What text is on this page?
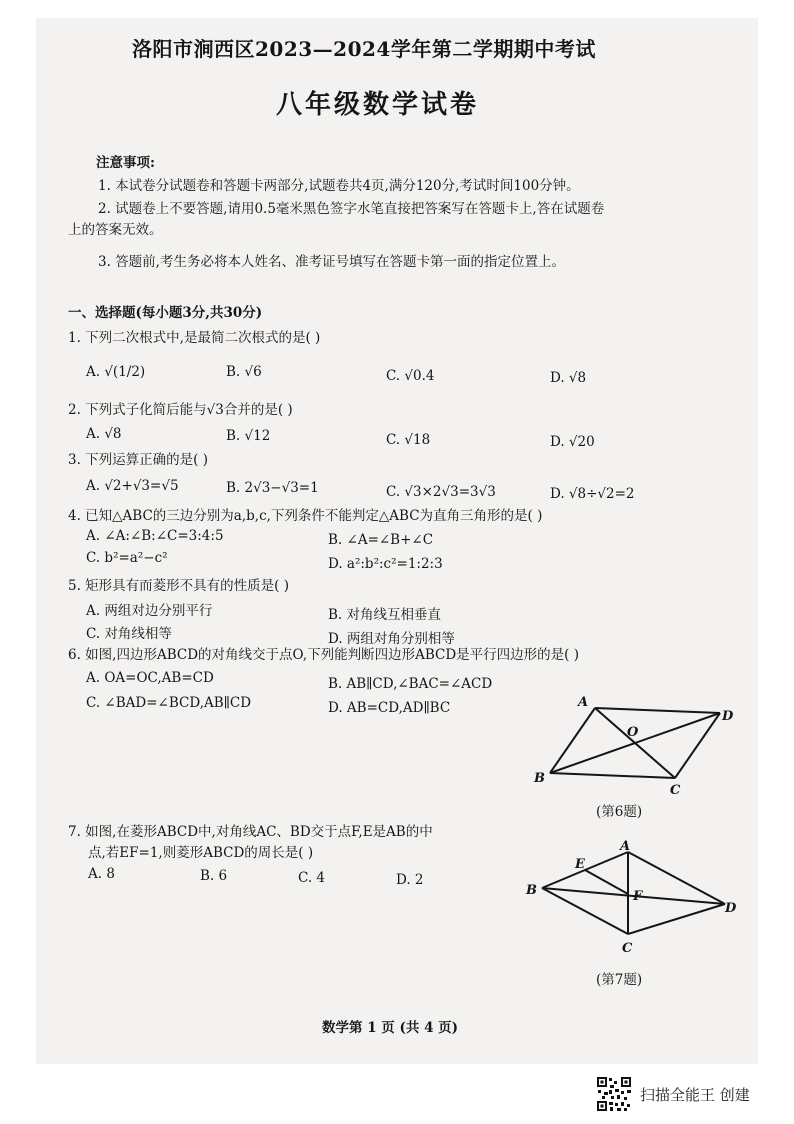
洛阳市涧西区2023—2024学年第二学期期中考试
八年级数学试卷
注意事项:
1. 本试卷分试题卷和答题卡两部分,试题卷共4页,满分120分,考试时间100分钟。
2. 试题卷上不要答题,请用0.5毫米黑色签字水笔直接把答案写在答题卡上,答在试题卷
上的答案无效。
3. 答题前,考生务必将本人姓名、准考证号填写在答题卡第一面的指定位置上。
一、选择题(每小题3分,共30分)
1. 下列二次根式中,是最简二次根式的是( )
A. √(1/2)	B. √6	C. √0.4	D. √8
2. 下列式子化简后能与√3合并的是( )
A. √8	B. √12	C. √18	D. √20
3. 下列运算正确的是( )
A. √2+√3=√5	B. 2√3−√3=1	C. √3×2√3=3√3	D. √8÷√2=2
4. 已知△ABC的三边分别为a,b,c,下列条件不能判定△ABC为直角三角形的是( )
A. ∠A:∠B:∠C=3:4:5	B. ∠A=∠B+∠C
C. b²=a²−c²	D. a²:b²:c²=1:2:3
5. 矩形具有而菱形不具有的性质是( )
A. 两组对边分别平行	B. 对角线互相垂直
C. 对角线相等	D. 两组对角分别相等
6. 如图,四边形ABCD的对角线交于点O,下列能判断四边形ABCD是平行四边形的是( )
A. OA=OC,AB=CD	B. AB∥CD,∠BAC=∠ACD
C. ∠BAD=∠BCD,AB∥CD	D. AB=CD,AD∥BC	A
D
B
C
O
(第6题)
7. 如图,在菱形ABCD中,对角线AC、BD交于点F,E是AB的中
点,若EF=1,则菱形ABCD的周长是( )
A. 8	B. 6	C. 4	D. 2
A
B
C
D
E
F
(第7题)
数学第 1 页 (共 4 页)
扫描全能王 创建
